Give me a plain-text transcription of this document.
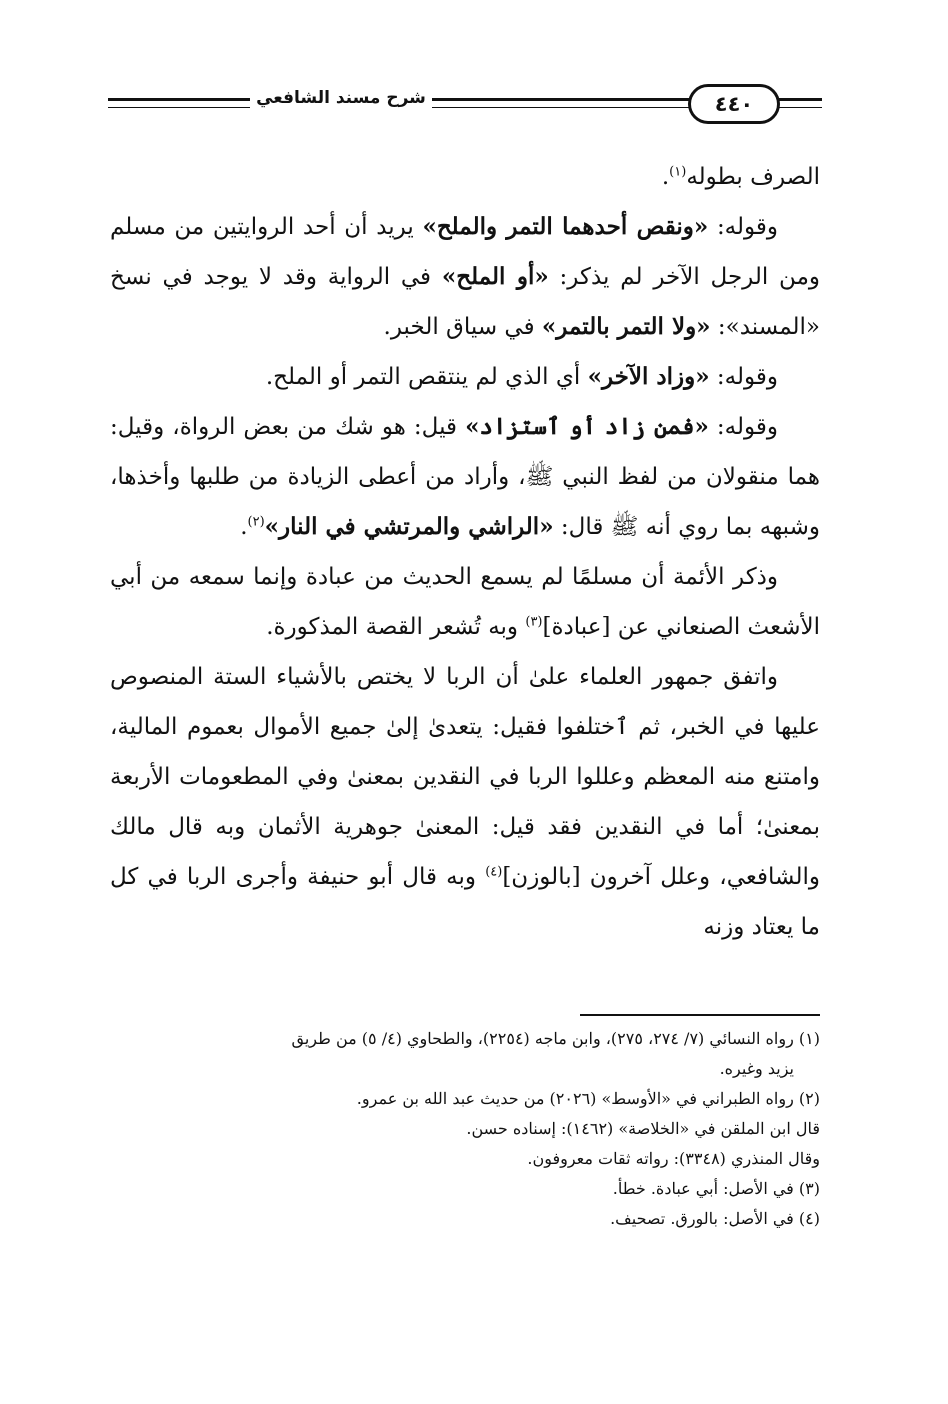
شرح مسند الشافعي	٤٤٠

الصرف بطوله$^{(١)}$.

وقوله: «ونقص أحدهما التمر والملح» يريد أن أحد الروايتين من مسلم ومن الرجل الآخر لم يذكر: «أو الملح» في الرواية وقد لا يوجد في نسخ «المسند»: «ولا التمر بالتمر» في سياق الخبر.

وقوله: «وزاد الآخر» أي الذي لم ينتقص التمر أو الملح.

وقوله: «فمن زاد أو ٱستزاد» قيل: هو شك من بعض الرواة، وقيل: هما منقولان من لفظ النبي ﷺ، وأراد من أعطى الزيادة من طلبها وأخذها، وشبهه بما روي أنه ﷺ قال: «الراشي والمرتشي في النار»$^{(٢)}$.

وذكر الأئمة أن مسلمًا لم يسمع الحديث من عبادة وإنما سمعه من أبي الأشعث الصنعاني عن [عبادة]$^{(٣)}$ وبه تُشعر القصة المذكورة.

واتفق جمهور العلماء علىٰ أن الربا لا يختص بالأشياء الستة المنصوص عليها في الخبر، ثم ٱختلفوا فقيل: يتعدىٰ إلىٰ جميع الأموال بعموم المالية، وامتنع منه المعظم وعللوا الربا في النقدين بمعنىٰ وفي المطعومات الأربعة بمعنىٰ؛ أما في النقدين فقد قيل: المعنىٰ جوهرية الأثمان وبه قال مالك والشافعي، وعلل آخرون [بالوزن]$^{(٤)}$ وبه قال أبو حنيفة وأجرى الربا في كل ما يعتاد وزنه

(١) رواه النسائي (٧/ ٢٧٤، ٢٧٥)، وابن ماجه (٢٢٥٤)، والطحاوي (٤/ ٥) من طريق

يزيد وغيره.

(٢) رواه الطبراني في «الأوسط» (٢٠٢٦) من حديث عبد الله بن عمرو.

قال ابن الملقن في «الخلاصة» (١٤٦٢): إسناده حسن.

وقال المنذري (٣٣٤٨): رواته ثقات معروفون.

(٣) في الأصل: أبي عبادة. خطأ.

(٤) في الأصل: بالورق. تصحيف.
